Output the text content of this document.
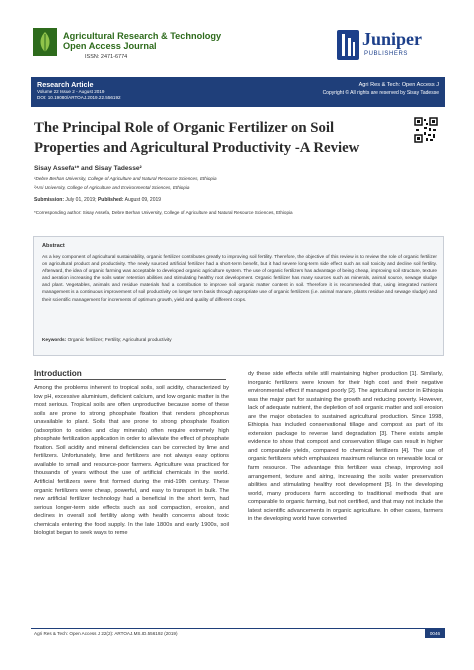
Agricultural Research & Technology
Open Access Journal
ISSN: 2471-6774
Juniper
PUBLISHERS
Research Article
Volume 22 Issue 2 - August 2019
DOI: 10.19080/ARTOAJ.2019.22.556192
Agri Res & Tech: Open Access J
Copyright © All rights are reserved by Sisay Tadesse
The Principal Role of Organic Fertilizer on Soil Properties and Agricultural Productivity -A Review
Sisay Assefa¹* and Sisay Tadesse²
¹Debre Berhan University, College of Agriculture and Natural Resource Sciences, Ethiopia
²Arsi University, College of Agriculture and Environmental Sciences, Ethiopia
Submission: July 01, 2019; Published: August 09, 2019
*Corresponding author: Sisay Assefa, Debre Berhan University, College of Agriculture and Natural Resource Sciences, Ethiopia
Abstract
As a key component of agricultural sustainability, organic fertilizer contributes greatly to improving soil fertility. Therefore, the objective of this review is to review the role of organic fertilizer on agricultural product and productivity. The newly sourced artificial fertilizer had a short-term benefit, but it had severe long-term side effect such as soil toxicity and decline soil fertility. Afterward, the idea of organic farming was acceptable to developed organic agriculture system. The use of organic fertilizers has advantage of being cheap, improving soil structure, texture and aeration increasing the soils water retention abilities and stimulating healthy root development. Organic fertilizer has many sources such as minerals, animal source, sewage sludge and plant. Vegetables, animals and residue materials had a contribution to improve soil organic matter content in soil. Therefore it is recommended that, using integrated nutrient management is a continuous improvement of soil productivity on longer term basis through appropriate use of organic fertilizers (i.e. animal manure, plants residue and sewage sludge) and their scientific management for increments of optimum growth, yield and quality of different crops.
Keywords: Organic fertilizer; Fertility; Agricultural productivity
Introduction
Among the problems inherent to tropical soils, soil acidity, characterized by low pH, excessive aluminium, deficient calcium, and low organic matter is the most serious. Tropical soils are often unproductive because some of these soils are prone to strong phosphate fixation that renders phosphorus unavailable to plant. Soils that are prone to strong phosphate fixation (adsorption to oxides and clay minerals) often require extremely high phosphate fertilization application in order to alleviate the effect of phosphate fixation. Soil acidity and mineral deficiencies can be corrected by lime and fertilizers. Unfortunately, lime and fertilizers are not always easy options available to small and resource-poor farmers. Agriculture was practiced for thousands of years without the use of artificial chemicals in the world. Artificial fertilizers were first formed during the mid-19th century. These organic fertilizers were cheap, powerful, and easy to transport in bulk. The new artificial fertilizer technology had a beneficial in the short term, had serious longer-term side effects such as soil compaction, erosion, and declines in overall soil fertility along with health concerns about toxic chemicals entering the food supply. In the late 1800s and early 1900s, soil biologist began to seek ways to reme
dy these side effects while still maintaining higher production [1]. Similarly, inorganic fertilizers were known for their high cost and their negative environmental effect if managed poorly [2]. The agricultural sector in Ethiopia was the major part for sustaining the growth and reducing poverty. However, lack of adequate nutrient, the depletion of soil organic matter and soil erosion are the major obstacles to sustained agricultural production. Since 1998, Ethiopia has included conservational tillage and compost as part of its extension package to reverse land degradation [3]. There exists ample evidence to show that compost and conservation tillage can result in higher and comparable yields, compared to chemical fertilizers [4]. The use of organic fertilizers which emphasizes maximum reliance on renewable local or farm resource. The advantage this fertilizer was cheap, improving soil arrangement, texture and airing, increasing the soils water preservation abilities and stimulating healthy root development [5]. In the developing world, many producers farm according to traditional methods that are comparable to organic farming, but not certified, and that may not include the latest scientific advancements in organic agriculture. In other cases, farmers in the developing world have converted
Agri Res & Tech: Open Access J 22(2): ARTOAJ.MS.ID.556192 (2019)	0046
